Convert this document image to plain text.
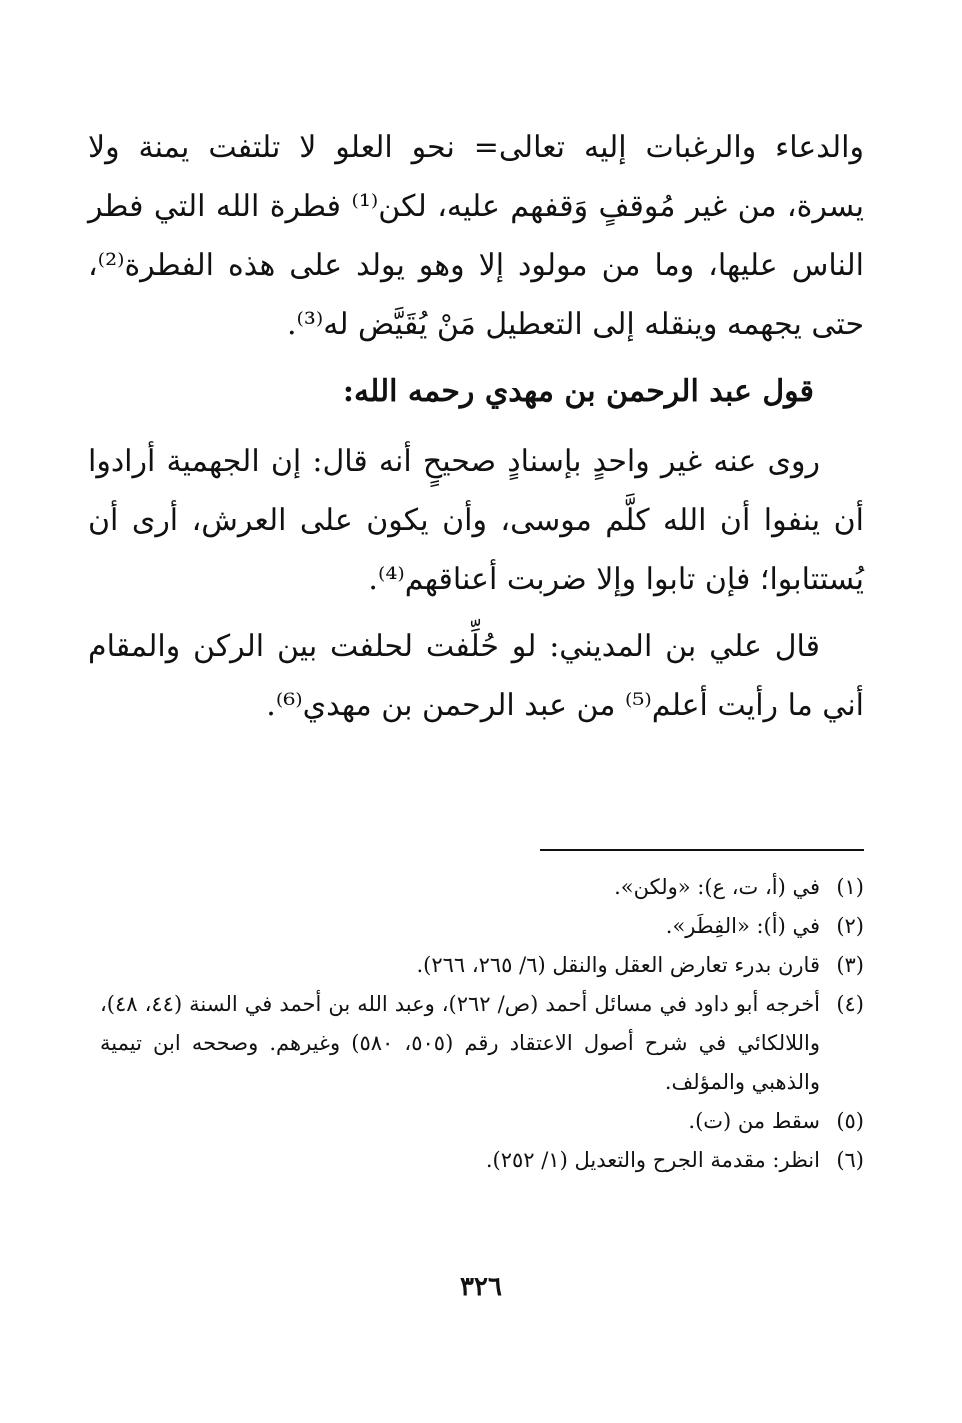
والدعاء والرغبات إليه تعالى= نحو العلو لا تلتفت يمنة ولا يسرة، من غير مُوقفٍ وَقفهم عليه، لكن⁽¹⁾ فطرة الله التي فطر الناس عليها، وما من مولود إلا وهو يولد على هذه الفطرة⁽²⁾، حتى يجهمه وينقله إلى التعطيل مَنْ يُقَيَّض له⁽³⁾.

قول عبد الرحمن بن مهدي رحمه الله:

روى عنه غير واحدٍ بإسنادٍ صحيحٍ أنه قال: إن الجهمية أرادوا أن ينفوا أن الله كلَّم موسى، وأن يكون على العرش، أرى أن يُستتابوا؛ فإن تابوا وإلا ضربت أعناقهم⁽⁴⁾.

قال علي بن المديني: لو حُلِّفت لحلفت بين الركن والمقام أني ما رأيت أعلم⁽⁵⁾ من عبد الرحمن بن مهدي⁽⁶⁾.

(١)
في (أ، ت، ع): «ولكن».
(٢)
في (أ): «الفِطَر».
(٣)
قارن بدرء تعارض العقل والنقل (٦/ ٢٦٥، ٢٦٦).
(٤)
أخرجه أبو داود في مسائل أحمد (ص/ ٢٦٢)، وعبد الله بن أحمد في السنة (٤٤، ٤٨)، واللالكائي في شرح أصول الاعتقاد رقم (٥٠٥، ٥٨٠) وغيرهم. وصححه ابن تيمية والذهبي والمؤلف.
(٥)
سقط من (ت).
(٦)
انظر: مقدمة الجرح والتعديل (١/ ٢٥٢).
٣٢٦
